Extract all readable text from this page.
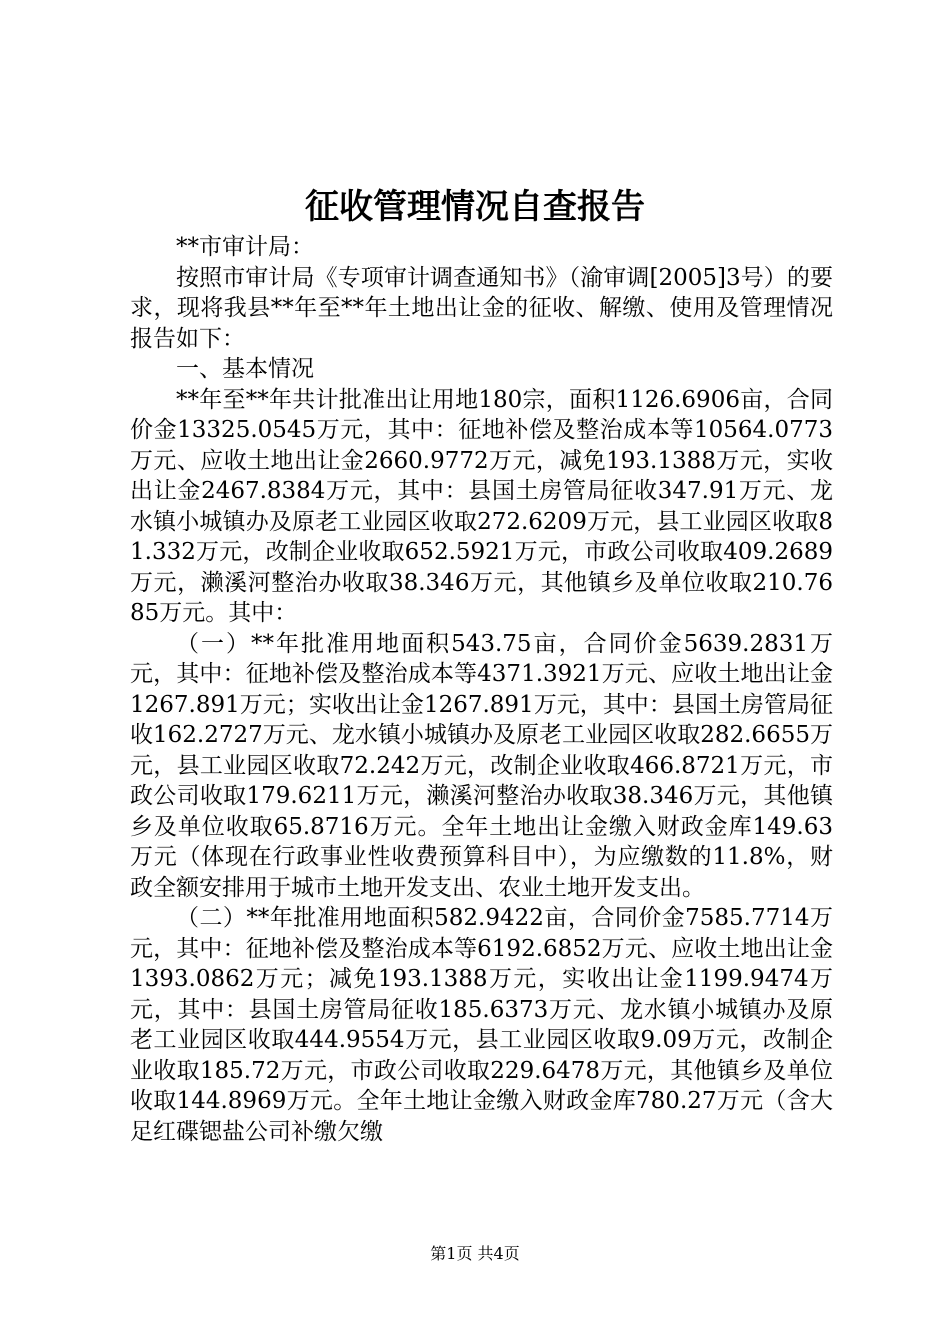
征收管理情况自查报告

**市审计局：

按照市审计局《专项审计调查通知书》（渝审调[2005]3号）的要求，现将我县**年至**年土地出让金的征收、解缴、使用及管理情况报告如下：

一、基本情况

**年至**年共计批准出让用地180宗，面积1126.6906亩，合同价金13325.0545万元，其中：征地补偿及整治成本等10564.0773万元、应收土地出让金2660.9772万元，减免193.1388万元，实收出让金2467.8384万元，其中：县国土房管局征收347.91万元、龙水镇小城镇办及原老工业园区收取272.6209万元，县工业园区收取81.332万元，改制企业收取652.5921万元，市政公司收取409.2689万元，濑溪河整治办收取38.346万元，其他镇乡及单位收取210.7685万元。其中：

（一）**年批准用地面积543.75亩，合同价金5639.2831万元，其中：征地补偿及整治成本等4371.3921万元、应收土地出让金1267.891万元；实收出让金1267.891万元，其中：县国土房管局征收162.2727万元、龙水镇小城镇办及原老工业园区收取282.6655万元，县工业园区收取72.242万元，改制企业收取466.8721万元，市政公司收取179.6211万元，濑溪河整治办收取38.346万元，其他镇乡及单位收取65.8716万元。全年土地出让金缴入财政金库149.63万元（体现在行政事业性收费预算科目中），为应缴数的11.8%，财政全额安排用于城市土地开发支出、农业土地开发支出。

（二）**年批准用地面积582.9422亩，合同价金7585.7714万元，其中：征地补偿及整治成本等6192.6852万元、应收土地出让金1393.0862万元；减免193.1388万元，实收出让金1199.9474万元，其中：县国土房管局征收185.6373万元、龙水镇小城镇办及原老工业园区收取444.9554万元，县工业园区收取9.09万元，改制企业收取185.72万元，市政公司收取229.6478万元，其他镇乡及单位收取144.8969万元。全年土地让金缴入财政金库780.27万元（含大足红碟锶盐公司补缴欠缴

第1页 共4页
